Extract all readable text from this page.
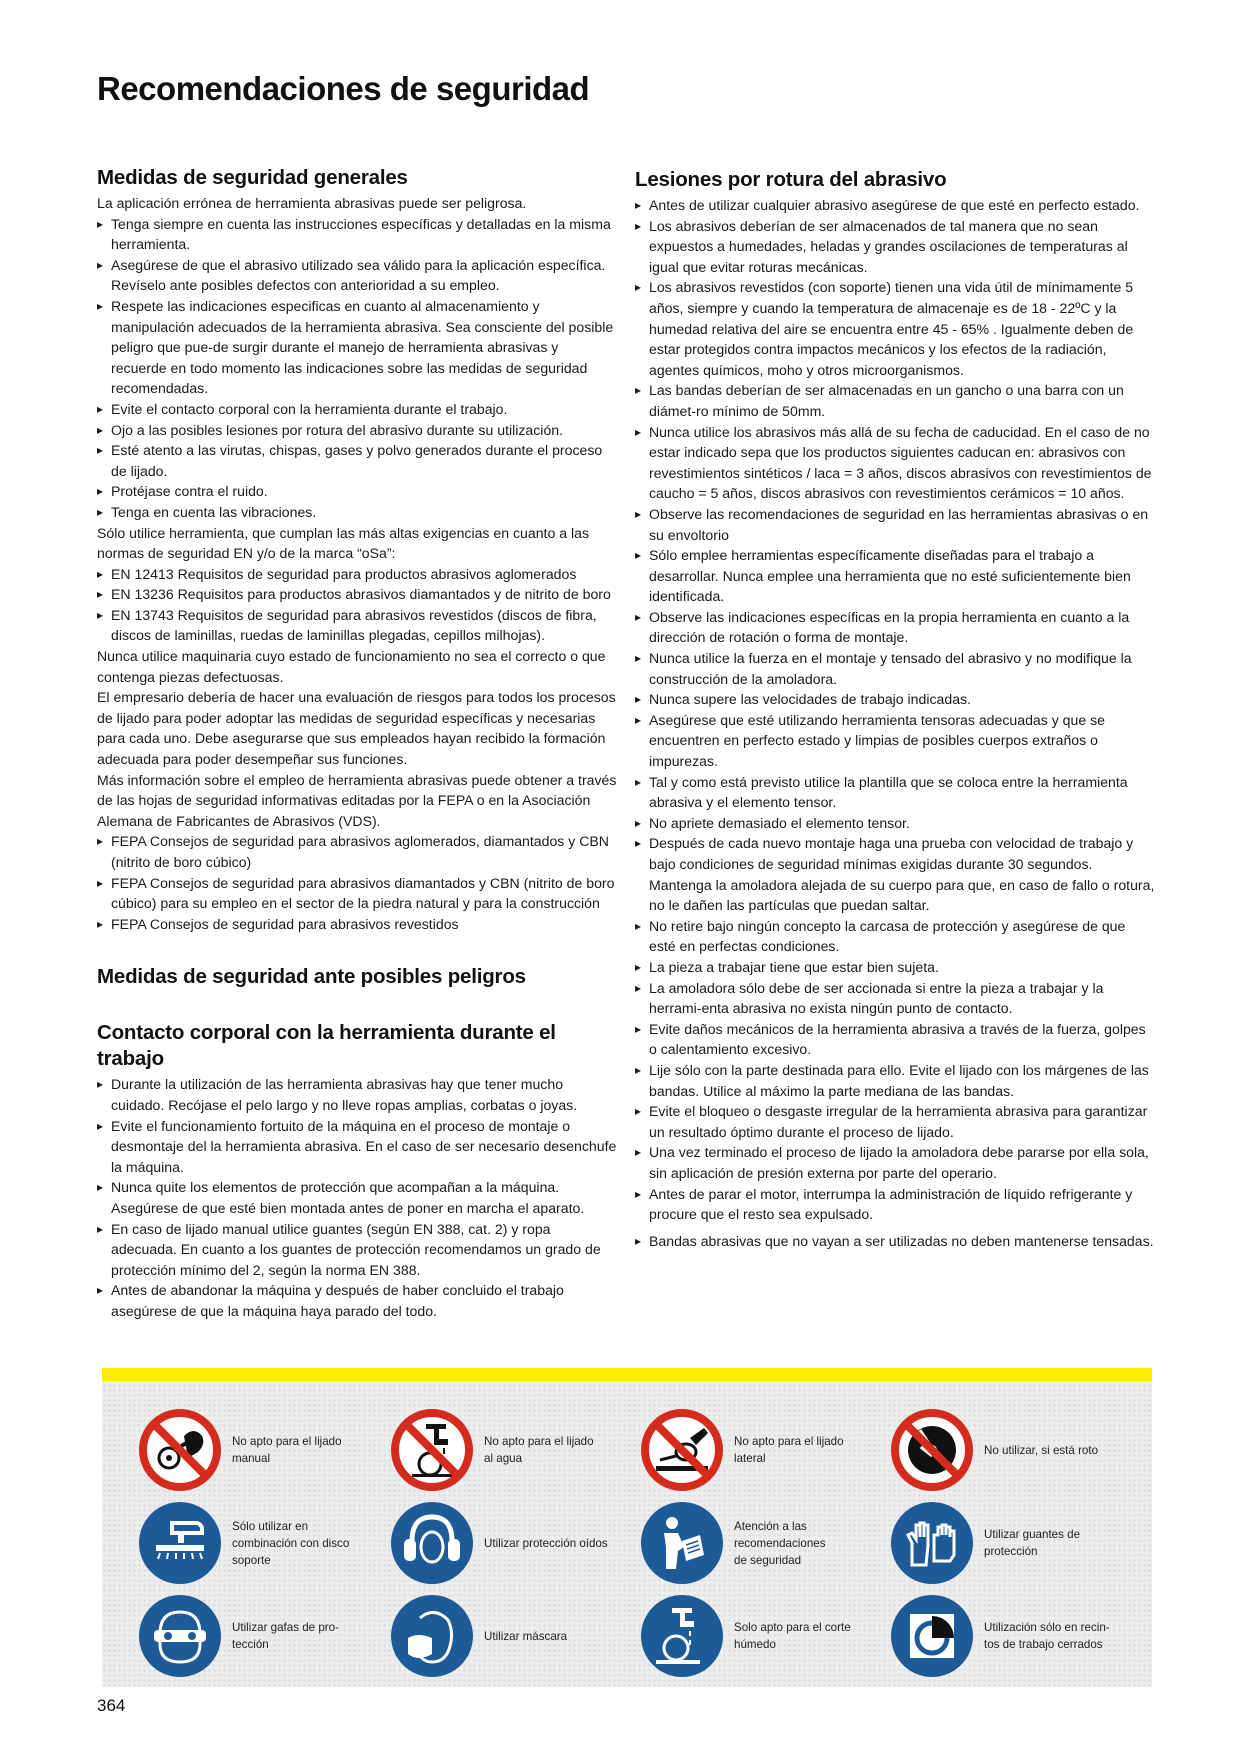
Recomendaciones de seguridad
Medidas de seguridad generales

La aplicación errónea de herramienta abrasivas puede ser peligrosa.

▸ Tenga siempre en cuenta las instrucciones específicas y detalladas en la misma herramienta.
▸ Asegúrese de que el abrasivo utilizado sea válido para la aplicación específica. Revíselo ante posibles defectos con anterioridad a su empleo.
▸ Respete las indicaciones especificas en cuanto al almacenamiento y manipulación adecuados de la herramienta abrasiva. Sea consciente del posible peligro que pue-de surgir durante el manejo de herramienta abrasivas y recuerde en todo momento las indicaciones sobre las medidas de seguridad recomendadas.
▸ Evite el contacto corporal con la herramienta durante el trabajo.
▸ Ojo a las posibles lesiones por rotura del abrasivo durante su utilización.
▸ Esté atento a las virutas, chispas, gases y polvo generados durante el proceso de lijado.
▸ Protéjase contra el ruido.
▸ Tenga en cuenta las vibraciones.

Sólo utilice herramienta, que cumplan las más altas exigencias en cuanto a las normas de seguridad EN y/o de la marca “oSa”:

▸ EN 12413 Requisitos de seguridad para productos abrasivos aglomerados
▸ EN 13236 Requisitos para productos abrasivos diamantados y de nitrito de boro
▸ EN 13743 Requisitos de seguridad para abrasivos revestidos (discos de fibra, discos de laminillas, ruedas de laminillas plegadas, cepillos milhojas).

Nunca utilice maquinaria cuyo estado de funcionamiento no sea el correcto o que contenga piezas defectuosas.

El empresario debería de hacer una evaluación de riesgos para todos los procesos de lijado para poder adoptar las medidas de seguridad específicas y necesarias para cada uno. Debe asegurarse que sus empleados hayan recibido la formación adecuada para poder desempeñar sus funciones.

Más información sobre el empleo de herramienta abrasivas puede obtener a través de las hojas de seguridad informativas editadas por la FEPA o en la Asociación Alemana de Fabricantes de Abrasivos (VDS).

▸ FEPA Consejos de seguridad para abrasivos aglomerados, diamantados y CBN (nitrito de boro cúbico)
▸ FEPA Consejos de seguridad para abrasivos diamantados y CBN (nitrito de boro cúbico) para su empleo en el sector de la piedra natural y para la construcción
▸ FEPA Consejos de seguridad para abrasivos revestidos
Medidas de seguridad ante posibles peligros
Contacto corporal con la herramienta durante el trabajo
▸ Durante la utilización de las herramienta abrasivas hay que tener mucho cuidado. Recójase el pelo largo y no lleve ropas amplias, corbatas o joyas.
▸ Evite el funcionamiento fortuito de la máquina en el proceso de montaje o desmontaje del la herramienta abrasiva. En el caso de ser necesario desenchufe la máquina.
▸ Nunca quite los elementos de protección que acompañan a la máquina. Asegúrese de que esté bien montada antes de poner en marcha el aparato.
▸ En caso de lijado manual utilice guantes (según EN 388, cat. 2) y ropa adecuada. En cuanto a los guantes de protección recomendamos un grado de protección mínimo del 2, según la norma EN 388.
▸ Antes de abandonar la máquina y después de haber concluido el trabajo asegúrese de que la máquina haya parado del todo.
Lesiones por rotura del abrasivo
▸ Antes de utilizar cualquier abrasivo asegúrese de que esté en perfecto estado.
▸ Los abrasivos deberían de ser almacenados de tal manera que no sean expuestos a humedades, heladas y grandes oscilaciones de temperaturas al igual que evitar roturas mecánicas.
▸ Los abrasivos revestidos (con soporte) tienen una vida útil de mínimamente 5 años, siempre y cuando la temperatura de almacenaje es de 18 - 22ºC y la humedad relativa del aire se encuentra entre 45 - 65% . Igualmente deben de estar protegidos contra impactos mecánicos y los efectos de la radiación, agentes químicos, moho y otros microorganismos.
▸ Las bandas deberían de ser almacenadas en un gancho o una barra con un diámet-ro mínimo de 50mm.
▸ Nunca utilice los abrasivos más allá de su fecha de caducidad. En el caso de no estar indicado sepa que los productos siguientes caducan en: abrasivos con revestimientos sintéticos / laca = 3 años, discos abrasivos con revestimientos de caucho = 5 años, discos abrasivos con revestimientos cerámicos = 10 años.
▸ Observe las recomendaciones de seguridad en las herramientas abrasivas o en su envoltorio
▸ Sólo emplee herramientas específicamente diseñadas para el trabajo a desarrollar. Nunca emplee una herramienta que no esté suficientemente bien identificada.
▸ Observe las indicaciones específicas en la propia herramienta en cuanto a la dirección de rotación o forma de montaje.
▸ Nunca utilice la fuerza en el montaje y tensado del abrasivo y no modifique la construcción de la amoladora.
▸ Nunca supere las velocidades de trabajo indicadas.
▸ Asegúrese que esté utilizando herramienta tensoras adecuadas y que se encuentren en perfecto estado y limpias de posibles cuerpos extraños o impurezas.
▸ Tal y como está previsto utilice la plantilla que se coloca entre la herramienta abrasiva y el elemento tensor.
▸ No apriete demasiado el elemento tensor.
▸ Después de cada nuevo montaje haga una prueba con velocidad de trabajo y bajo condiciones de seguridad mínimas exigidas durante 30 segundos. Mantenga la amoladora alejada de su cuerpo para que, en caso de fallo o rotura, no le dañen las partículas que puedan saltar.
▸ No retire bajo ningún concepto la carcasa de protección y asegúrese de que esté en perfectas condiciones.
▸ La pieza a trabajar tiene que estar bien sujeta.
▸ La amoladora sólo debe de ser accionada si entre la pieza a trabajar y la herrami-enta abrasiva no exista ningún punto de contacto.
▸ Evite daños mecánicos de la herramienta abrasiva a través de la fuerza, golpes o calentamiento excesivo.
▸ Lije sólo con la parte destinada para ello. Evite el lijado con los márgenes de las bandas. Utilice al máximo la parte mediana de las bandas.
▸ Evite el bloqueo o desgaste irregular de la herramienta abrasiva para garantizar un resultado óptimo durante el proceso de lijado.
▸ Una vez terminado el proceso de lijado la amoladora debe pararse por ella sola, sin aplicación de presión externa por parte del operario.
▸ Antes de parar el motor, interrumpa la administración de líquido refrigerante y procure que el resto sea expulsado.
▸ Bandas abrasivas que no vayan a ser utilizadas no deben mantenerse tensadas.
No apto para el lijado
manual
No apto para el lijado
al agua
No apto para el lijado
lateral
No utilizar, si está roto
Sólo utilizar en
combinación con disco
soporte
Utilizar protección oídos
Atención a las
recomendaciones
de seguridad
Utilizar guantes de
protección
Utilizar gafas de pro-
tección
Utilizar máscara
Solo apto para el corte
húmedo
Utilización sólo en recin-
tos de trabajo cerrados
364
